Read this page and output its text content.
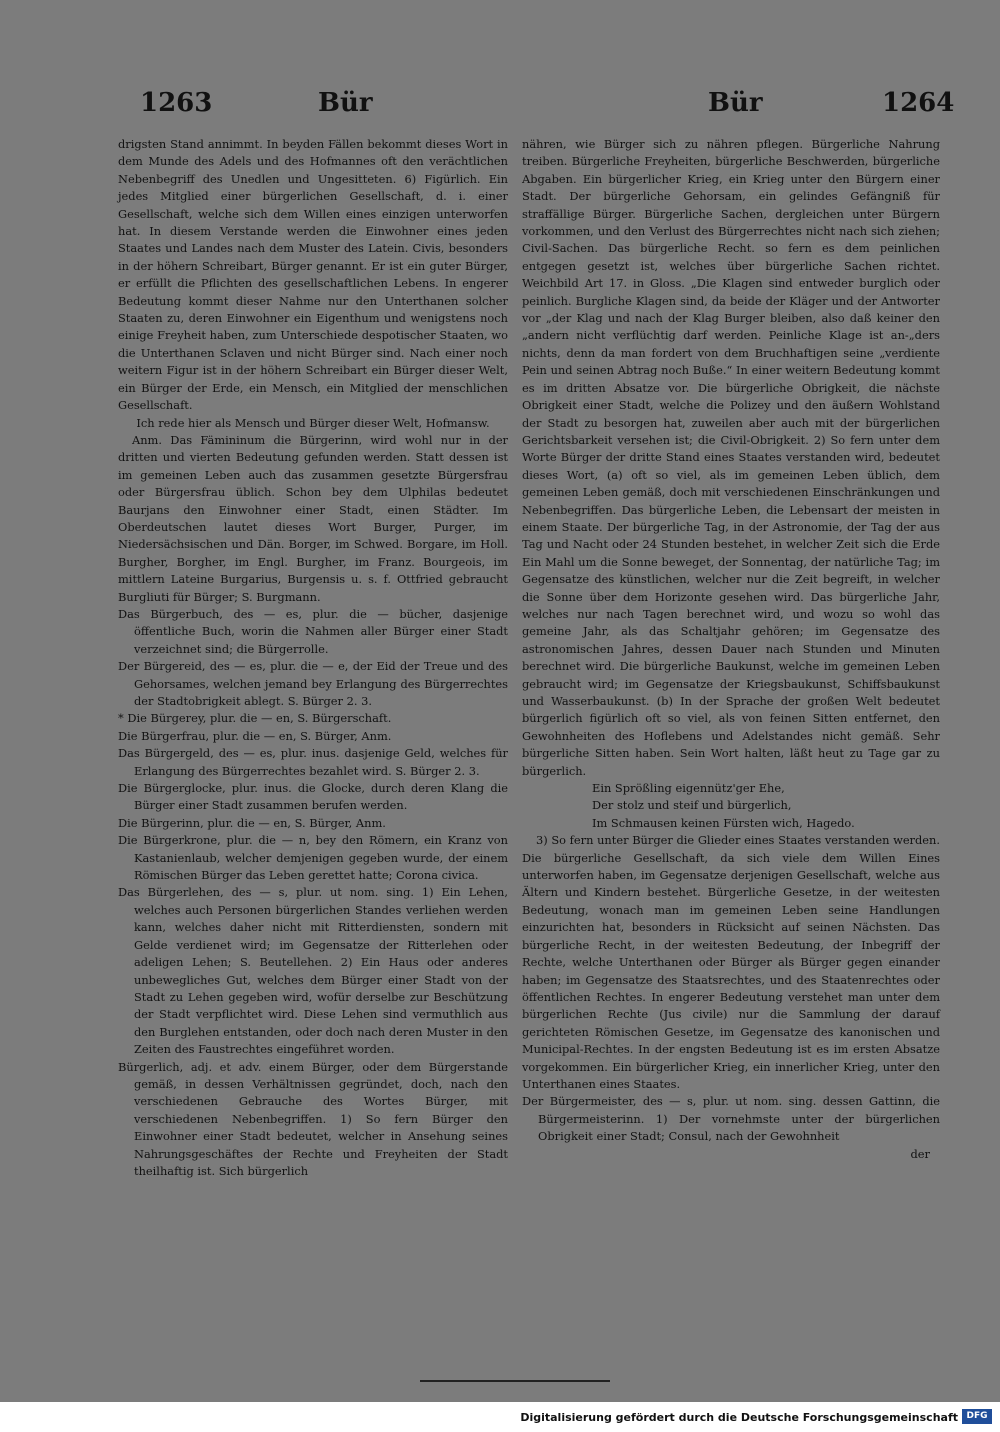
1263	Bür	Bür	1264

drigsten Stand annimmt. In beyden Fällen bekommt dieses Wort in dem Munde des Adels und des Hofmannes oft den verächtlichen Nebenbegriff des Unedlen und Ungesitteten. 6) Figürlich. Ein jedes Mitglied einer bürgerlichen Gesellschaft, d. i. einer Gesellschaft, welche sich dem Willen eines einzigen unterworfen hat. In diesem Verstande werden die Einwohner eines jeden Staates und Landes nach dem Muster des Latein. Civis, besonders in der höhern Schreibart, Bürger genannt. Er ist ein guter Bürger, er erfüllt die Pflichten des gesellschaftlichen Lebens. In engerer Bedeutung kommt dieser Nahme nur den Unterthanen solcher Staaten zu, deren Einwohner ein Eigenthum und wenigstens noch einige Freyheit haben, zum Unterschiede despotischer Staaten, wo die Unterthanen Sclaven und nicht Bürger sind. Nach einer noch weitern Figur ist in der höhern Schreibart ein Bürger dieser Welt, ein Bürger der Erde, ein Mensch, ein Mitglied der menschlichen Gesellschaft.

Ich rede hier als Mensch und Bürger dieser Welt, Hofmansw.

Anm. Das Fämininum die Bürgerinn, wird wohl nur in der dritten und vierten Bedeutung gefunden werden. Statt dessen ist im gemeinen Leben auch das zusammen gesetzte Bürgersfrau oder Bürgersfrau üblich. Schon bey dem Ulphilas bedeutet Baurjans den Einwohner einer Stadt, einen Städter. Im Oberdeutschen lautet dieses Wort Burger, Purger, im Niedersächsischen und Dän. Borger, im Schwed. Borgare, im Holl. Burgher, Borgher, im Engl. Burgher, im Franz. Bourgeois, im mittlern Lateine Burgarius, Burgensis u. s. f. Ottfried gebraucht Burgliuti für Bürger; S. Burgmann.

Das Bürgerbuch, des — es, plur. die — bücher, dasjenige öffentliche Buch, worin die Nahmen aller Bürger einer Stadt verzeichnet sind; die Bürgerrolle.

Der Bürgereid, des — es, plur. die — e, der Eid der Treue und des Gehorsames, welchen jemand bey Erlangung des Bürgerrechtes der Stadtobrigkeit ablegt. S. Bürger 2. 3.

* Die Bürgerey, plur. die — en, S. Bürgerschaft.

Die Bürgerfrau, plur. die — en, S. Bürger, Anm.

Das Bürgergeld, des — es, plur. inus. dasjenige Geld, welches für Erlangung des Bürgerrechtes bezahlet wird. S. Bürger 2. 3.

Die Bürgerglocke, plur. inus. die Glocke, durch deren Klang die Bürger einer Stadt zusammen berufen werden.

Die Bürgerinn, plur. die — en, S. Bürger, Anm.

Die Bürgerkrone, plur. die — n, bey den Römern, ein Kranz von Kastanienlaub, welcher demjenigen gegeben wurde, der einem Römischen Bürger das Leben gerettet hatte; Corona civica.

Das Bürgerlehen, des — s, plur. ut nom. sing. 1) Ein Lehen, welches auch Personen bürgerlichen Standes verliehen werden kann, welches daher nicht mit Ritterdiensten, sondern mit Gelde verdienet wird; im Gegensatze der Ritterlehen oder adeligen Lehen; S. Beutellehen. 2) Ein Haus oder anderes unbewegliches Gut, welches dem Bürger einer Stadt von der Stadt zu Lehen gegeben wird, wofür derselbe zur Beschützung der Stadt verpflichtet wird. Diese Lehen sind vermuthlich aus den Burglehen entstanden, oder doch nach deren Muster in den Zeiten des Faustrechtes eingeführet worden.

Bürgerlich, adj. et adv. einem Bürger, oder dem Bürgerstande gemäß, in dessen Verhältnissen gegründet, doch, nach den verschiedenen Gebrauche des Wortes Bürger, mit verschiedenen Nebenbegriffen. 1) So fern Bürger den Einwohner einer Stadt bedeutet, welcher in Ansehung seines Nahrungsgeschäftes der Rechte und Freyheiten der Stadt theilhaftig ist. Sich bürgerlich

nähren, wie Bürger sich zu nähren pflegen. Bürgerliche Nahrung treiben. Bürgerliche Freyheiten, bürgerliche Beschwerden, bürgerliche Abgaben. Ein bürgerlicher Krieg, ein Krieg unter den Bürgern einer Stadt. Der bürgerliche Gehorsam, ein gelindes Gefängniß für straffällige Bürger. Bürgerliche Sachen, dergleichen unter Bürgern vorkommen, und den Verlust des Bürgerrechtes nicht nach sich ziehen; Civil-Sachen. Das bürgerliche Recht. so fern es dem peinlichen entgegen gesetzt ist, welches über bürgerliche Sachen richtet. Weichbild Art 17. in Gloss. „Die Klagen sind entweder burglich oder peinlich. Burgliche Klagen sind, da beide der Kläger und der Antworter vor „der Klag und nach der Klag Burger bleiben, also daß keiner den „andern nicht verflüchtig darf werden. Peinliche Klage ist an-„ders nichts, denn da man fordert von dem Bruchhaftigen seine „verdiente Pein und seinen Abtrag noch Buße.“ In einer weitern Bedeutung kommt es im dritten Absatze vor. Die bürgerliche Obrigkeit, die nächste Obrigkeit einer Stadt, welche die Polizey und den äußern Wohlstand der Stadt zu besorgen hat, zuweilen aber auch mit der bürgerlichen Gerichtsbarkeit versehen ist; die Civil-Obrigkeit. 2) So fern unter dem Worte Bürger der dritte Stand eines Staates verstanden wird, bedeutet dieses Wort, (a) oft so viel, als im gemeinen Leben üblich, dem gemeinen Leben gemäß, doch mit verschiedenen Einschränkungen und Nebenbegriffen. Das bürgerliche Leben, die Lebensart der meisten in einem Staate. Der bürgerliche Tag, in der Astronomie, der Tag der aus Tag und Nacht oder 24 Stunden bestehet, in welcher Zeit sich die Erde Ein Mahl um die Sonne beweget, der Sonnentag, der natürliche Tag; im Gegensatze des künstlichen, welcher nur die Zeit begreift, in welcher die Sonne über dem Horizonte gesehen wird. Das bürgerliche Jahr, welches nur nach Tagen berechnet wird, und wozu so wohl das gemeine Jahr, als das Schaltjahr gehören; im Gegensatze des astronomischen Jahres, dessen Dauer nach Stunden und Minuten berechnet wird. Die bürgerliche Baukunst, welche im gemeinen Leben gebraucht wird; im Gegensatze der Kriegsbaukunst, Schiffsbaukunst und Wasserbaukunst. (b) In der Sprache der großen Welt bedeutet bürgerlich figürlich oft so viel, als von feinen Sitten entfernet, den Gewohnheiten des Hoflebens und Adelstandes nicht gemäß. Sehr bürgerliche Sitten haben. Sein Wort halten, läßt heut zu Tage gar zu bürgerlich.

Ein Sprößling eigennütz'ger Ehe,

Der stolz und steif und bürgerlich,

Im Schmausen keinen Fürsten wich, Hagedo.

3) So fern unter Bürger die Glieder eines Staates verstanden werden. Die bürgerliche Gesellschaft, da sich viele dem Willen Eines unterworfen haben, im Gegensatze derjenigen Gesellschaft, welche aus Ältern und Kindern bestehet. Bürgerliche Gesetze, in der weitesten Bedeutung, wonach man im gemeinen Leben seine Handlungen einzurichten hat, besonders in Rücksicht auf seinen Nächsten. Das bürgerliche Recht, in der weitesten Bedeutung, der Inbegriff der Rechte, welche Unterthanen oder Bürger als Bürger gegen einander haben; im Gegensatze des Staatsrechtes, und des Staatenrechtes oder öffentlichen Rechtes. In engerer Bedeutung verstehet man unter dem bürgerlichen Rechte (Jus civile) nur die Sammlung der darauf gerichteten Römischen Gesetze, im Gegensatze des kanonischen und Municipal-Rechtes. In der engsten Bedeutung ist es im ersten Absatze vorgekommen. Ein bürgerlicher Krieg, ein innerlicher Krieg, unter den Unterthanen eines Staates.

Der Bürgermeister, des — s, plur. ut nom. sing. dessen Gattinn, die Bürgermeisterinn. 1) Der vornehmste unter der bürgerlichen Obrigkeit einer Stadt; Consul, nach der Gewohnheit

der

Digitalisierung gefördert durch die Deutsche Forschungsgemeinschaft DFG
